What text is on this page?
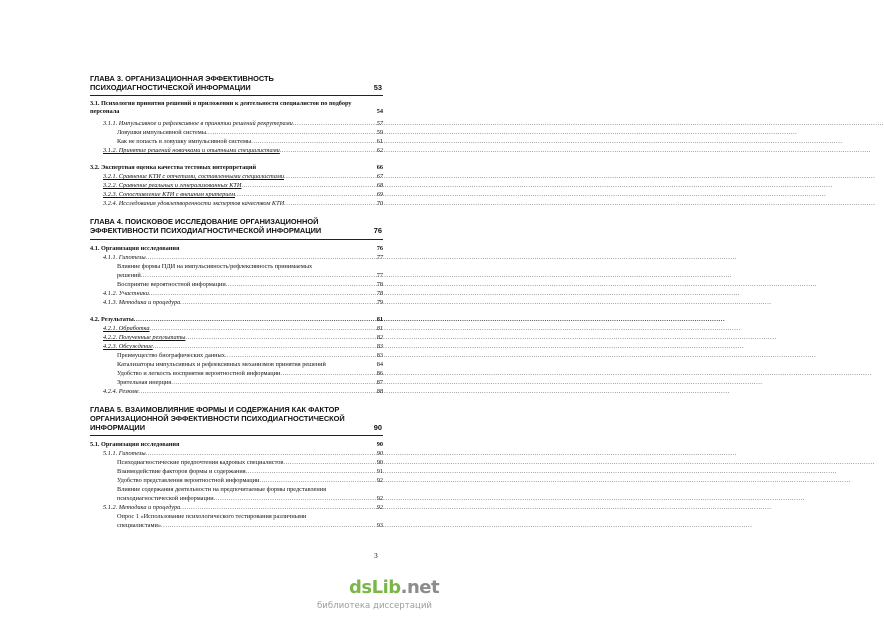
ГЛАВА 3. ОРГАНИЗАЦИОННАЯ ЭФФЕКТИВНОСТЬ ПСИХОДИАГНОСТИЧЕСКОЙ ИНФОРМАЦИИ	53
3.1. Психология принятия решений в приложении к деятельности специалистов по подбору персонала	54
3.1.1. Импульсивное и рефлексивное в принятии решений рекрутерами .....	57
Ловушки импульсивной системы .....	59
Как не попасть в ловушку импульсивной системы .....	61
3.1.2. Принятие решений новичками и опытными специалистами .....	62
3.2. Экспертная оценка качества тестовых интерпретаций	66
3.2.1. Сравнение КТИ с отчетами, составленными специалистами .....	67
3.2.2. Сравнение реальных и генерализованных КТИ .....	68
3.2.3. Сопоставление КТИ с внешним критерием .....	69
3.2.4. Исследования удовлетворенности экспертов качеством КТИ .....	70
ГЛАВА 4. ПОИСКОВОЕ ИССЛЕДОВАНИЕ ОРГАНИЗАЦИОННОЙ ЭФФЕКТИВНОСТИ ПСИХОДИАГНОСТИЧЕСКОЙ ИНФОРМАЦИИ	76
4.1. Организация исследования	76
4.1.1. Гипотезы .....	77
Влияние формы ПДИ на импульсивность/рефлексивность принимаемых
решений .....	77
Восприятие вероятностной информации .....	78
4.1.2. Участники .....	78
4.1.3. Методика и процедура .....	79
4.2. Результаты .....	81
4.2.1. Обработка .....	81
4.2.2. Полученные результаты .....	82
4.2.3. Обсуждение .....	83
Преимущество биографических данных .....	83
Катализаторы импульсивных и рефлексивных механизмов принятия решений	84
Удобство и легкость восприятия вероятностной информации .....	86
Зрительная инерция .....	87
4.2.4. Резюме .....	88
ГЛАВА 5. ВЗАИМОВЛИЯНИЕ ФОРМЫ И СОДЕРЖАНИЯ КАК ФАКТОР ОРГАНИЗАЦИОННОЙ ЭФФЕКТИВНОСТИ ПСИХОДИАГНОСТИЧЕСКОЙ ИНФОРМАЦИИ	90
5.1. Организация исследования	90
5.1.1. Гипотезы .....	90
Психодиагностические предпочтения кадровых специалистов .....	90
Взаимодействие факторов формы и содержания .....	91
Удобство представления вероятностной информации .....	92
Влияние содержания деятельности на предпочитаемые формы представления
психодиагностической информации .....	92
5.1.2. Методика и процедура .....	92
Опрос 1 «Использование психологического тестирования различными
специалистами» .....	93
3
dsLib.net
библиотека диссертаций
